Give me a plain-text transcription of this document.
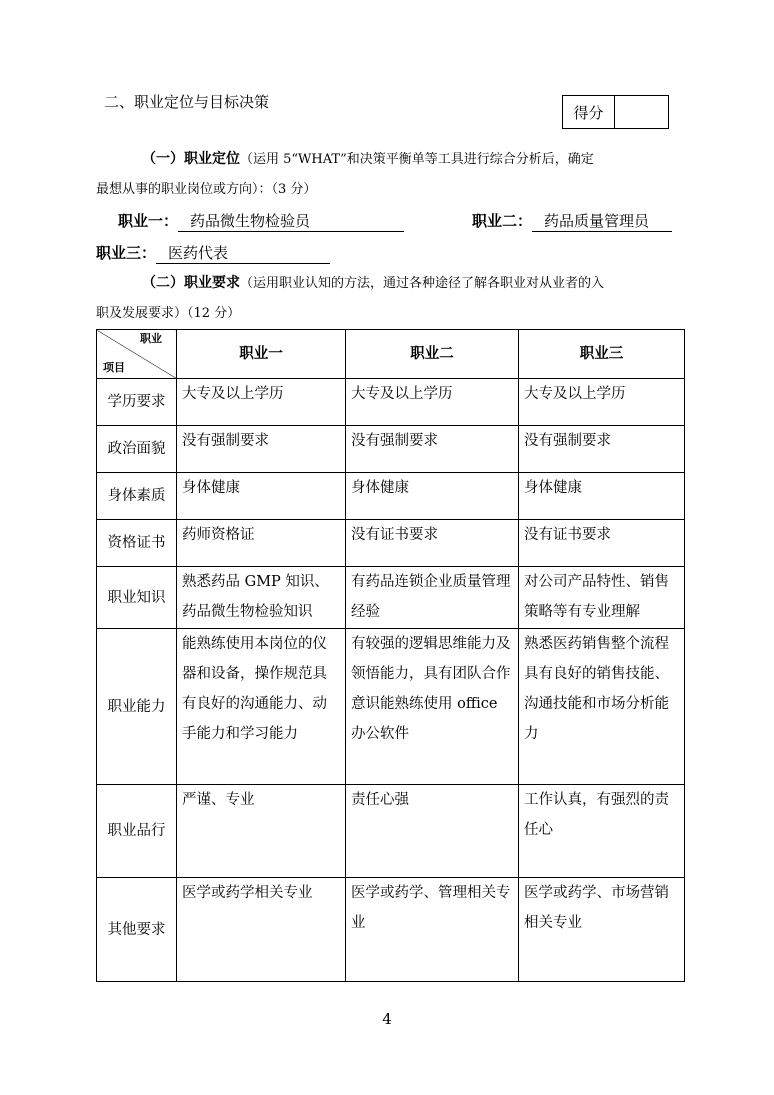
二、职业定位与目标决策
得分
（一）职业定位（运用 5“WHAT”和决策平衡单等工具进行综合分析后，确定
最想从事的职业岗位或方向）：（3 分）
职业一： 药品微生物检验员	职业二： 药品质量管理员
职业三： 医药代表
（二）职业要求（运用职业认知的方法，通过各种途径了解各职业对从业者的入
职及发展要求）（12 分）
职业
项目	职业一	职业二	职业三
学历要求	大专及以上学历	大专及以上学历	大专及以上学历
政治面貌	没有强制要求	没有强制要求	没有强制要求
身体素质	身体健康	身体健康	身体健康
资格证书	药师资格证	没有证书要求	没有证书要求
职业知识	熟悉药品 GMP 知识、药品微生物检验知识	有药品连锁企业质量管理经验	对公司产品特性、销售策略等有专业理解
职业能力	能熟练使用本岗位的仪器和设备，操作规范具有良好的沟通能力、动手能力和学习能力	有较强的逻辑思维能力及领悟能力，具有团队合作意识能熟练使用 office 办公软件	熟悉医药销售整个流程具有良好的销售技能、沟通技能和市场分析能力
职业品行	严谨、专业	责任心强	工作认真，有强烈的责任心
其他要求	医学或药学相关专业	医学或药学、管理相关专业	医学或药学、市场营销相关专业
4
